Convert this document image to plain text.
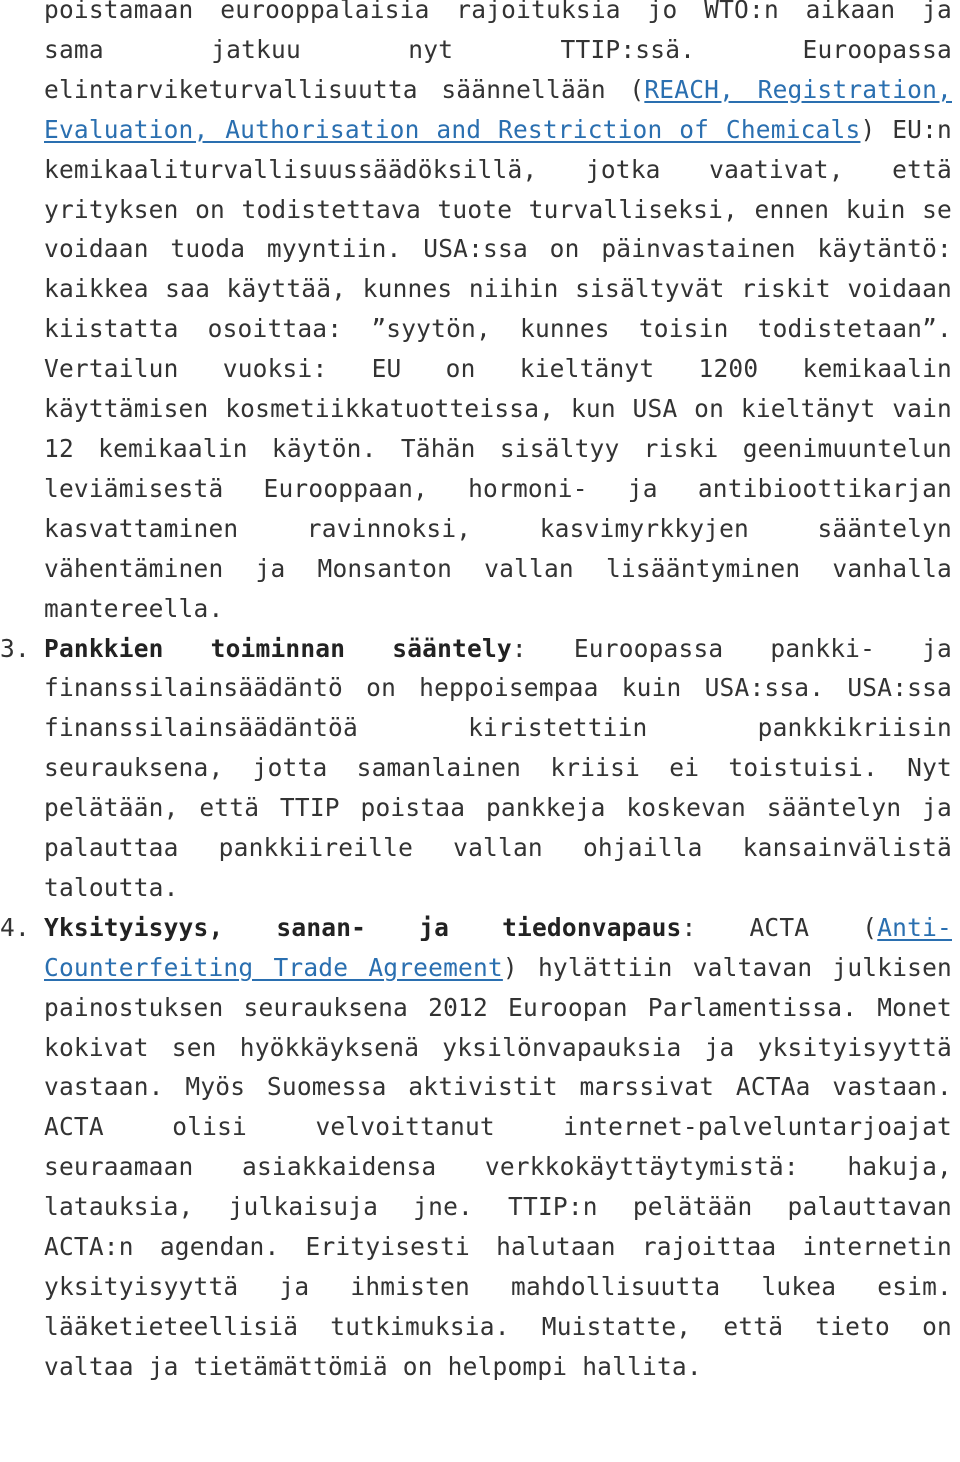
poistamaan eurooppalaisia rajoituksia jo WTO:n aikaan ja sama jatkuu nyt TTIP:ssä. Euroopassa elintarviketurvallisuutta säännellään (REACH, Registration, Evaluation, Authorisation and Restriction of Chemicals) EU:n kemikaaliturvallisuussäädöksillä, jotka vaativat, että yrityksen on todistettava tuote turvalliseksi, ennen kuin se voidaan tuoda myyntiin. USA:ssa on päinvastainen käytäntö: kaikkea saa käyttää, kunnes niihin sisältyvät riskit voidaan kiistatta osoittaa: ”syytön, kunnes toisin todistetaan”. Vertailun vuoksi: EU on kieltänyt 1200 kemikaalin käyttämisen kosmetiikkatuotteissa, kun USA on kieltänyt vain 12 kemikaalin käytön. Tähän sisältyy riski geenimuuntelun leviämisestä Eurooppaan, hormoni- ja antibioottikarjan kasvattaminen ravinnoksi, kasvimyrkkyjen sääntelyn vähentäminen ja Monsanton vallan lisääntyminen vanhalla mantereella.
3. Pankkien toiminnan sääntely: Euroopassa pankki- ja finanssilainsäädäntö on heppoisempaa kuin USA:ssa. USA:ssa finanssilainsäädäntöä kiristettiin pankkikriisin seurauksena, jotta samanlainen kriisi ei toistuisi. Nyt pelätään, että TTIP poistaa pankkeja koskevan sääntelyn ja palauttaa pankkiireille vallan ohjailla kansainvälistä taloutta.
4. Yksityisyys, sanan- ja tiedonvapaus: ACTA (Anti-Counterfeiting Trade Agreement) hylättiin valtavan julkisen painostuksen seurauksena 2012 Euroopan Parlamentissa. Monet kokivat sen hyökkäyksenä yksilönvapauksia ja yksityisyyttä vastaan. Myös Suomessa aktivistit marssivat ACTAa vastaan. ACTA olisi velvoittanut internet-palveluntarjoajat seuraamaan asiakkaidensa verkkokäyttäytymistä: hakuja, latauksia, julkaisuja jne. TTIP:n pelätään palauttavan ACTA:n agendan. Erityisesti halutaan rajoittaa internetin yksityisyyttä ja ihmisten mahdollisuutta lukea esim. lääketieteellisiä tutkimuksia. Muistatte, että tieto on valtaa ja tietämättömiä on helpompi hallita.
